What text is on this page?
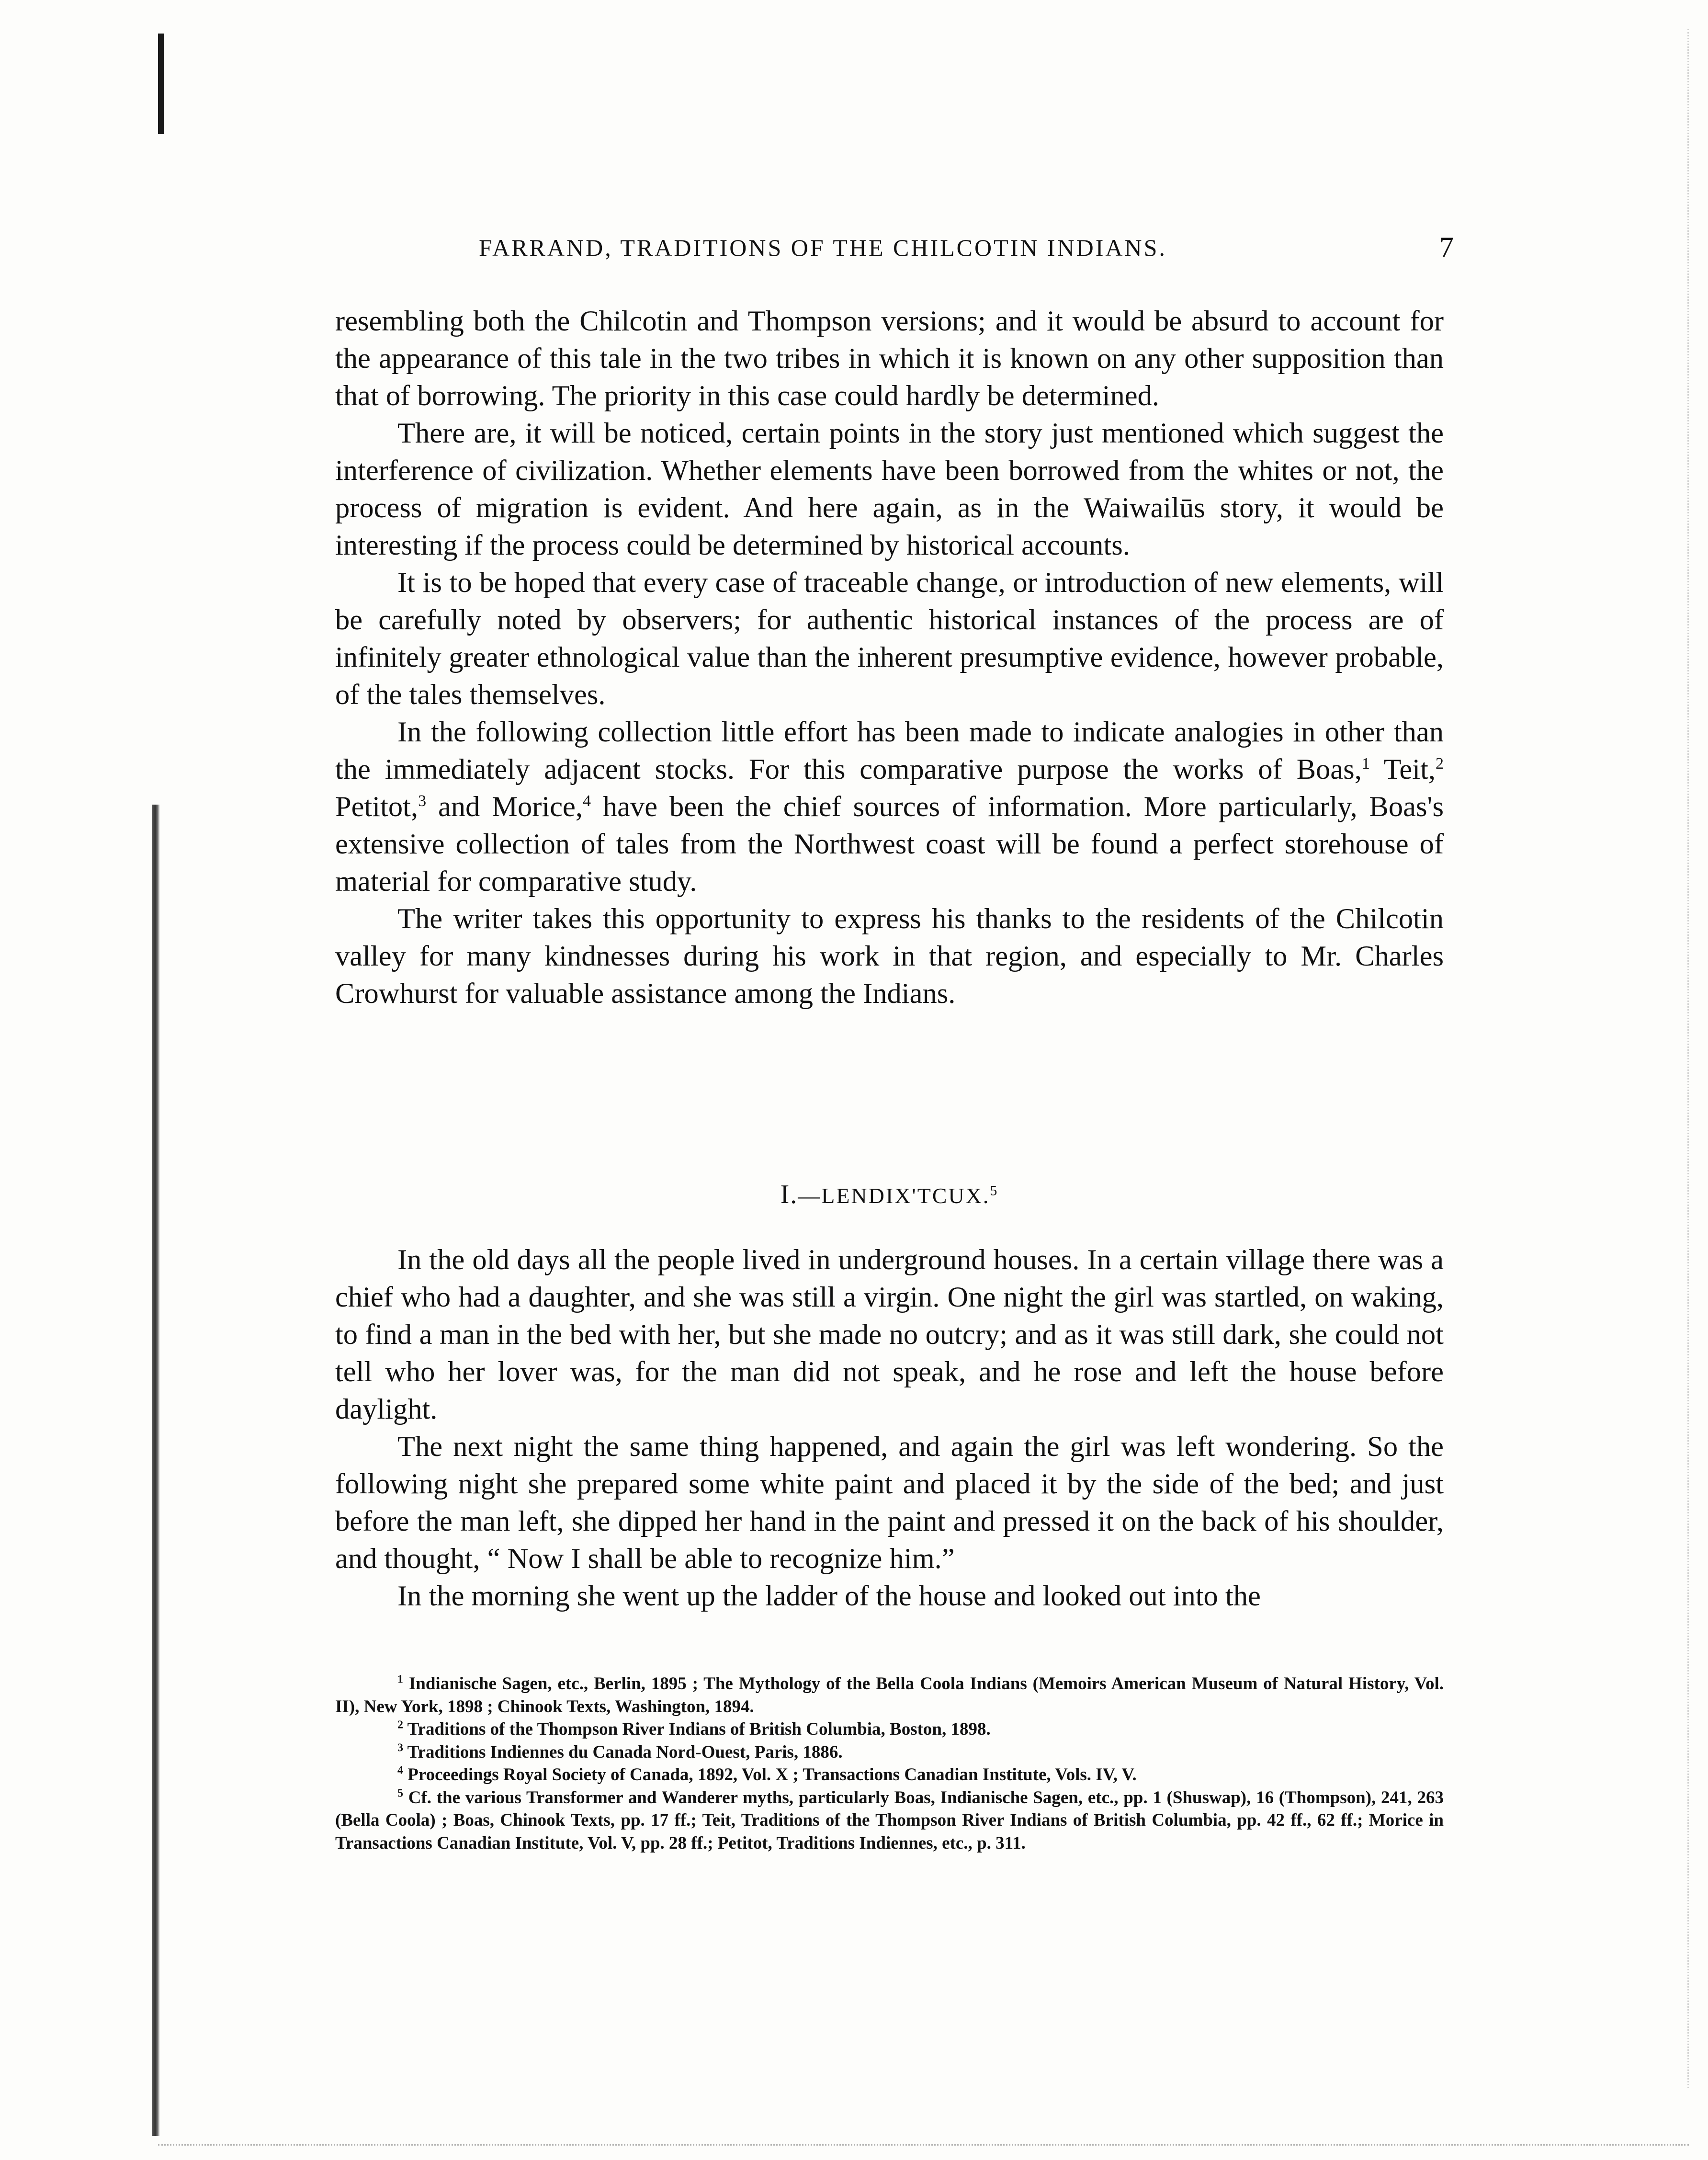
FARRAND, TRADITIONS OF THE CHILCOTIN INDIANS.	7

resembling both the Chilcotin and Thompson versions; and it would be absurd to account for the appearance of this tale in the two tribes in which it is known on any other supposition than that of borrowing. The priority in this case could hardly be determined.

There are, it will be noticed, certain points in the story just mentioned which suggest the interference of civilization. Whether elements have been borrowed from the whites or not, the process of migration is evident. And here again, as in the Waiwailūs story, it would be interesting if the process could be determined by historical accounts.

It is to be hoped that every case of traceable change, or introduction of new elements, will be carefully noted by observers; for authentic historical instances of the process are of infinitely greater ethnological value than the inherent presumptive evidence, however probable, of the tales themselves.

In the following collection little effort has been made to indicate analogies in other than the immediately adjacent stocks. For this comparative purpose the works of Boas,$^1$ Teit,$^2$ Petitot,$^3$ and Morice,$^4$ have been the chief sources of information. More particularly, Boas's extensive collection of tales from the Northwest coast will be found a perfect storehouse of material for comparative study.

The writer takes this opportunity to express his thanks to the residents of the Chilcotin valley for many kindnesses during his work in that region, and especially to Mr. Charles Crowhurst for valuable assistance among the Indians.

I.—LENDIX'TCUX.$^5$

In the old days all the people lived in underground houses. In a certain village there was a chief who had a daughter, and she was still a virgin. One night the girl was startled, on waking, to find a man in the bed with her, but she made no outcry; and as it was still dark, she could not tell who her lover was, for the man did not speak, and he rose and left the house before daylight.

The next night the same thing happened, and again the girl was left wondering. So the following night she prepared some white paint and placed it by the side of the bed; and just before the man left, she dipped her hand in the paint and pressed it on the back of his shoulder, and thought, “ Now I shall be able to recognize him.”

In the morning she went up the ladder of the house and looked out into the

$^1$ Indianische Sagen, etc., Berlin, 1895 ; The Mythology of the Bella Coola Indians (Memoirs American Museum of Natural History, Vol. II), New York, 1898 ; Chinook Texts, Washington, 1894.

$^2$ Traditions of the Thompson River Indians of British Columbia, Boston, 1898.

$^3$ Traditions Indiennes du Canada Nord-Ouest, Paris, 1886.

$^4$ Proceedings Royal Society of Canada, 1892, Vol. X ; Transactions Canadian Institute, Vols. IV, V.

$^5$ Cf. the various Transformer and Wanderer myths, particularly Boas, Indianische Sagen, etc., pp. 1 (Shuswap), 16 (Thompson), 241, 263 (Bella Coola) ; Boas, Chinook Texts, pp. 17 ff.; Teit, Traditions of the Thompson River Indians of British Columbia, pp. 42 ff., 62 ff.; Morice in Transactions Canadian Institute, Vol. V, pp. 28 ff.; Petitot, Traditions Indiennes, etc., p. 311.
